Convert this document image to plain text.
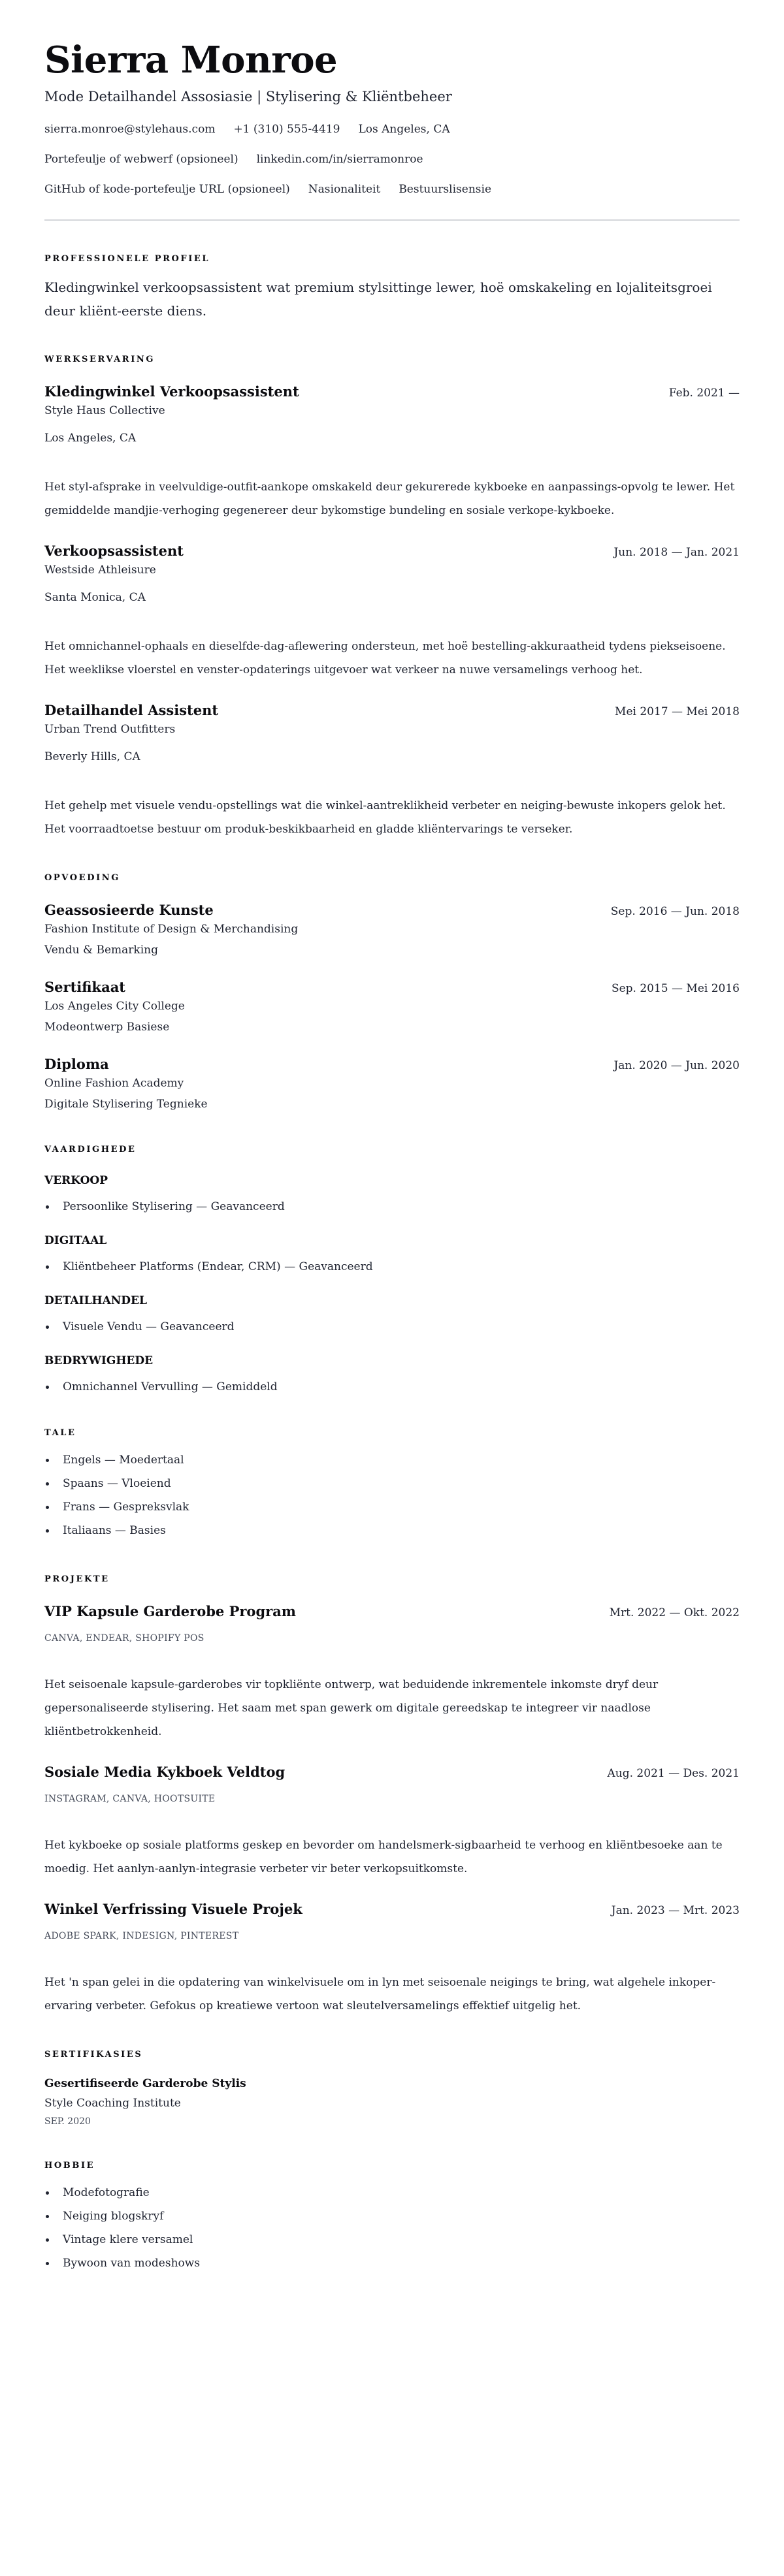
Sierra Monroe
Mode Detailhandel Assosiasie | Stylisering & Kliëntbeheer
sierra.monroe@stylehaus.com +1 (310) 555-4419 Los Angeles, CA
Portefeulje of webwerf (opsioneel) linkedin.com/in/sierramonroe
GitHub of kode-portefeulje URL (opsioneel) Nasionaliteit Bestuurslisensie
PROFESSIONELE PROFIEL

Kledingwinkel verkoopsassistent wat premium stylsittinge lewer, hoë omskakeling en lojaliteitsgroei deur kliënt-eerste diens.

WERKSERVARING
Kledingwinkel Verkoopsassistent	Feb. 2021 —
Style Haus Collective
Los Angeles, CA

Het styl-afsprake in veelvuldige-outfit-aankope omskakeld deur gekurerede kykboeke en aanpassings-opvolg te lewer. Het gemiddelde mandjie-verhoging gegenereer deur bykomstige bundeling en sosiale verkope-kykboeke.

Verkoopsassistent	Jun. 2018 — Jan. 2021
Westside Athleisure
Santa Monica, CA

Het omnichannel-ophaals en dieselfde-dag-aflewering ondersteun, met hoë bestelling-akkuraatheid tydens piekseisoene. Het weeklikse vloerstel en venster-opdaterings uitgevoer wat verkeer na nuwe versamelings verhoog het.

Detailhandel Assistent	Mei 2017 — Mei 2018
Urban Trend Outfitters
Beverly Hills, CA

Het gehelp met visuele vendu-opstellings wat die winkel-aantreklikheid verbeter en neiging-bewuste inkopers gelok het. Het voorraadtoetse bestuur om produk-beskikbaarheid en gladde kliëntervarings te verseker.

OPVOEDING
Geassosieerde Kunste	Sep. 2016 — Jun. 2018
Fashion Institute of Design & Merchandising
Vendu & Bemarking
Sertifikaat	Sep. 2015 — Mei 2016
Los Angeles City College
Modeontwerp Basiese
Diploma	Jan. 2020 — Jun. 2020
Online Fashion Academy
Digitale Stylisering Tegnieke
VAARDIGHEDE
VERKOOP
Persoonlike Stylisering — Geavanceerd
DIGITAAL
Kliëntbeheer Platforms (Endear, CRM) — Geavanceerd
DETAILHANDEL
Visuele Vendu — Geavanceerd
BEDRYWIGHEDE
Omnichannel Vervulling — Gemiddeld
TALE
Engels — Moedertaal
Spaans — Vloeiend
Frans — Gespreksvlak
Italiaans — Basies
PROJEKTE
VIP Kapsule Garderobe Program	Mrt. 2022 — Okt. 2022
CANVA, ENDEAR, SHOPIFY POS

Het seisoenale kapsule-garderobes vir topkliënte ontwerp, wat beduidende inkrementele inkomste dryf deur gepersonaliseerde stylisering. Het saam met span gewerk om digitale gereedskap te integreer vir naadlose kliëntbetrokkenheid.

Sosiale Media Kykboek Veldtog	Aug. 2021 — Des. 2021
INSTAGRAM, CANVA, HOOTSUITE

Het kykboeke op sosiale platforms geskep en bevorder om handelsmerk-sigbaarheid te verhoog en kliëntbesoeke aan te moedig. Het aanlyn-aanlyn-integrasie verbeter vir beter verkopsuitkomste.

Winkel Verfrissing Visuele Projek	Jan. 2023 — Mrt. 2023
ADOBE SPARK, INDESIGN, PINTEREST

Het 'n span gelei in die opdatering van winkelvisuele om in lyn met seisoenale neigings te bring, wat algehele inkoper-ervaring verbeter. Gefokus op kreatiewe vertoon wat sleutelversamelings effektief uitgelig het.

SERTIFIKASIES
Gesertifiseerde Garderobe Stylis
Style Coaching Institute
SEP. 2020
HOBBIE
Modefotografie
Neiging blogskryf
Vintage klere versamel
Bywoon van modeshows
